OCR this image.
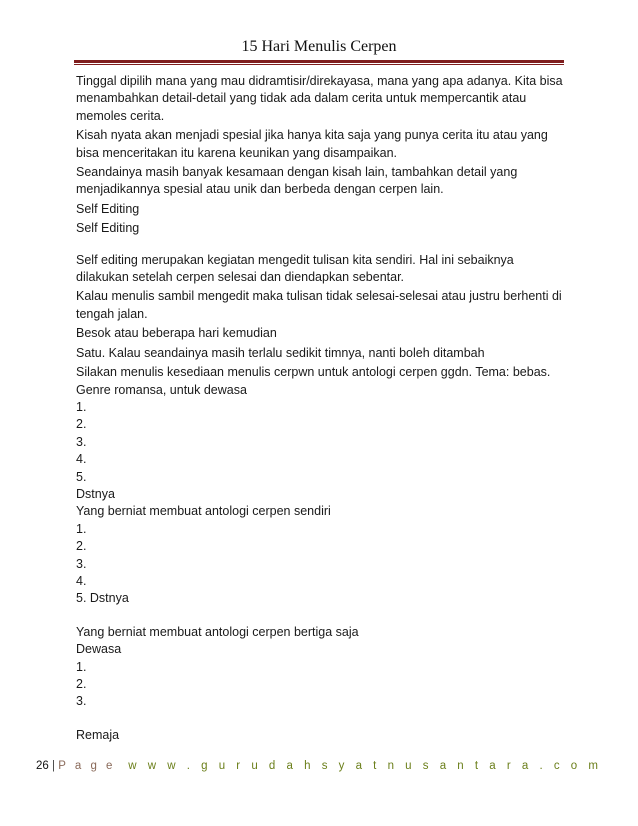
15 Hari Menulis Cerpen

Tinggal dipilih mana yang mau didramtisir/direkayasa, mana yang apa adanya. Kita bisa menambahkan detail-detail yang tidak ada dalam cerita untuk mempercantik atau memoles cerita.

Kisah nyata akan menjadi spesial jika hanya kita saja yang punya cerita itu atau yang bisa menceritakan itu karena keunikan yang disampaikan.

Seandainya masih banyak kesamaan dengan kisah lain, tambahkan detail yang menjadikannya spesial atau unik dan berbeda dengan cerpen lain.

Self Editing

Self Editing

Self editing merupakan kegiatan mengedit tulisan kita sendiri. Hal ini sebaiknya dilakukan setelah cerpen selesai dan diendapkan sebentar.

Kalau menulis sambil mengedit maka tulisan tidak selesai-selesai atau justru berhenti di tengah jalan.

Besok atau beberapa hari kemudian

Satu. Kalau seandainya masih terlalu sedikit timnya, nanti boleh ditambah

Silakan menulis kesediaan menulis cerpwn untuk antologi cerpen ggdn. Tema: bebas.

Genre romansa, untuk dewasa

1.

2.

3.

4.

5.

Dstnya

Yang berniat membuat antologi cerpen sendiri

1.

2.

3.

4.

5. Dstnya

Yang berniat membuat antologi cerpen bertiga saja

Dewasa

1.

2.

3.

Remaja

26 | P a g e w w w . g u r u d a h s y a t n u s a n t a r a . c o m
